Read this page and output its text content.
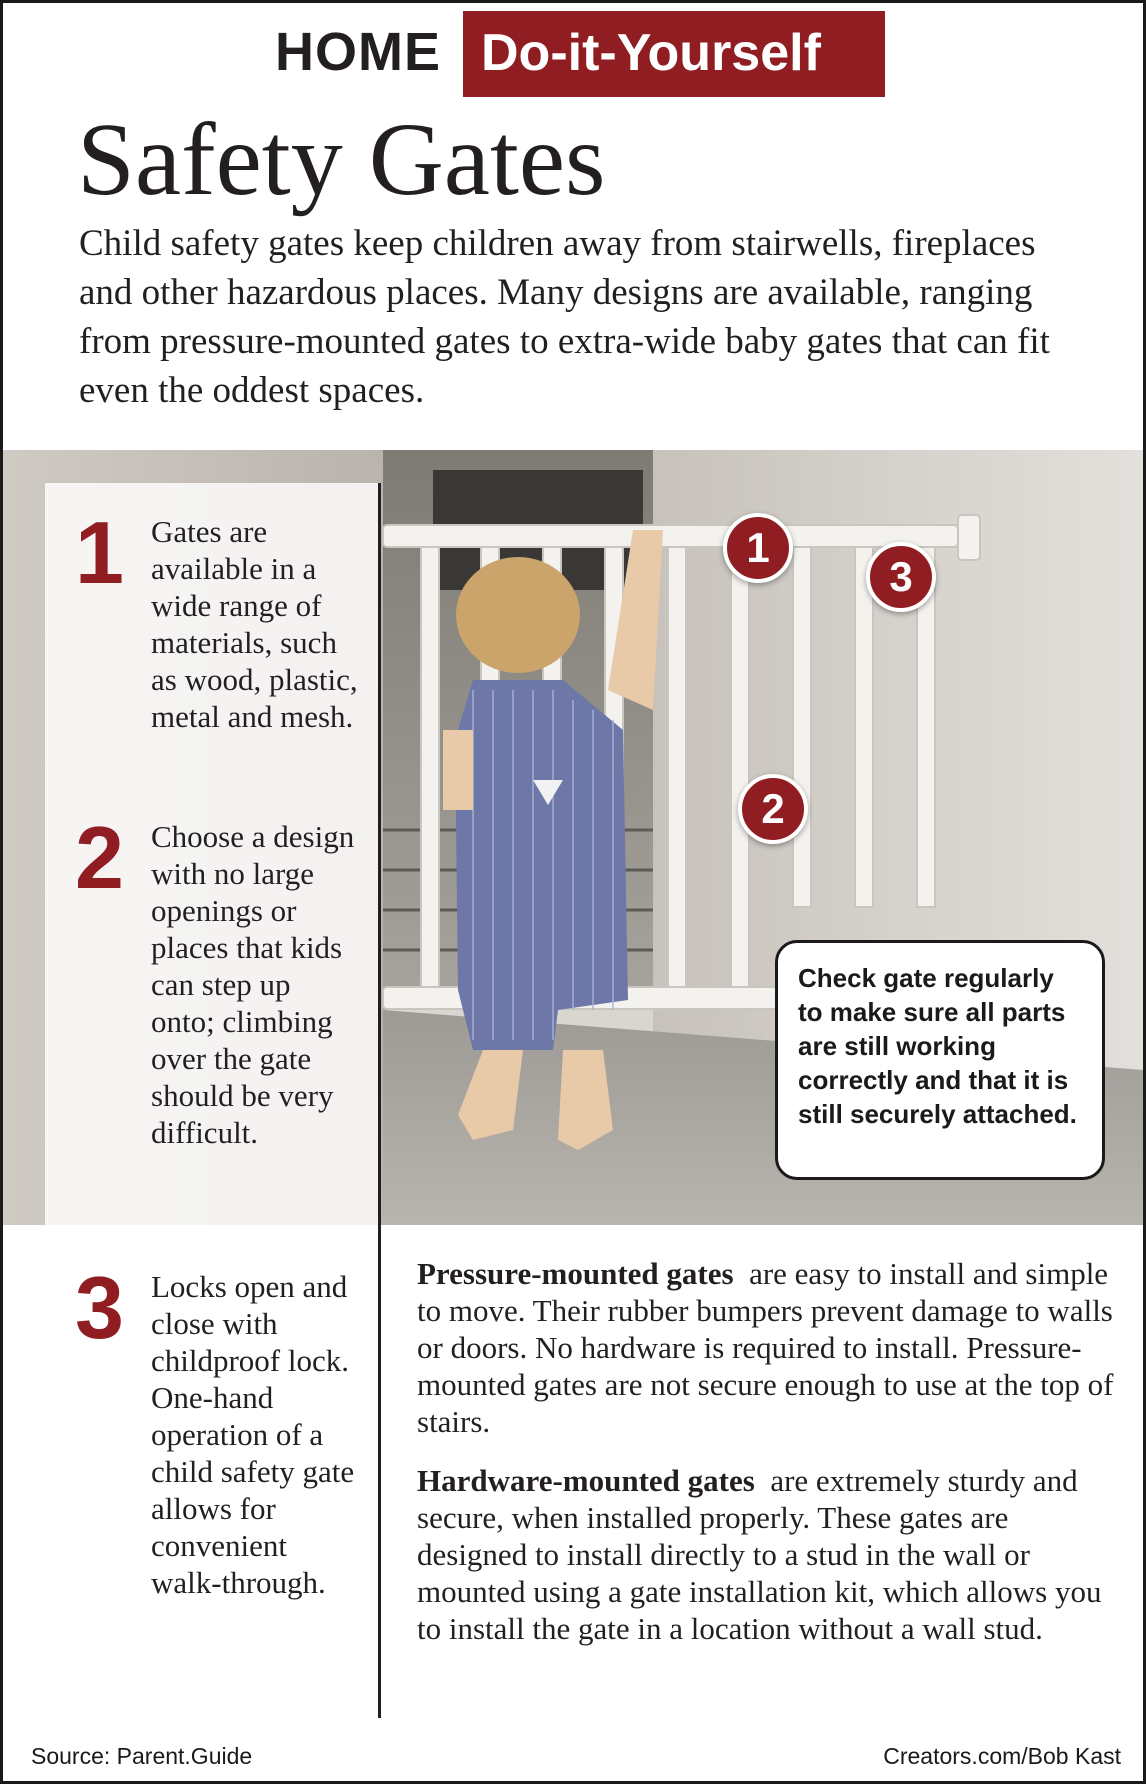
HOME Do-it-Yourself
Safety Gates

Child safety gates keep children away from stairwells, fireplaces and other hazardous places. Many designs are available, ranging from pressure-mounted gates to extra-wide baby gates that can fit even the oddest spaces.

1 Gates are available in a wide range of materials, such as wood, plastic, metal and mesh.

2 Choose a design with no large openings or places that kids can step up onto; climbing over the gate should be very difficult.

3 Locks open and close with childproof lock. One-hand operation of a child safety gate allows for convenient walk-through.

1
2
3

Check gate regularly to make sure all parts are still working correctly and that it is still securely attached.

Pressure-mounted gates are easy to install and simple to move. Their rubber bumpers prevent damage to walls or doors. No hardware is required to install. Pressure-mounted gates are not secure enough to use at the top of stairs.

Hardware-mounted gates are extremely sturdy and secure, when installed properly. These gates are designed to install directly to a stud in the wall or mounted using a gate installation kit, which allows you to install the gate in a location without a wall stud.

Source: Parent.Guide	Creators.com/Bob Kast
